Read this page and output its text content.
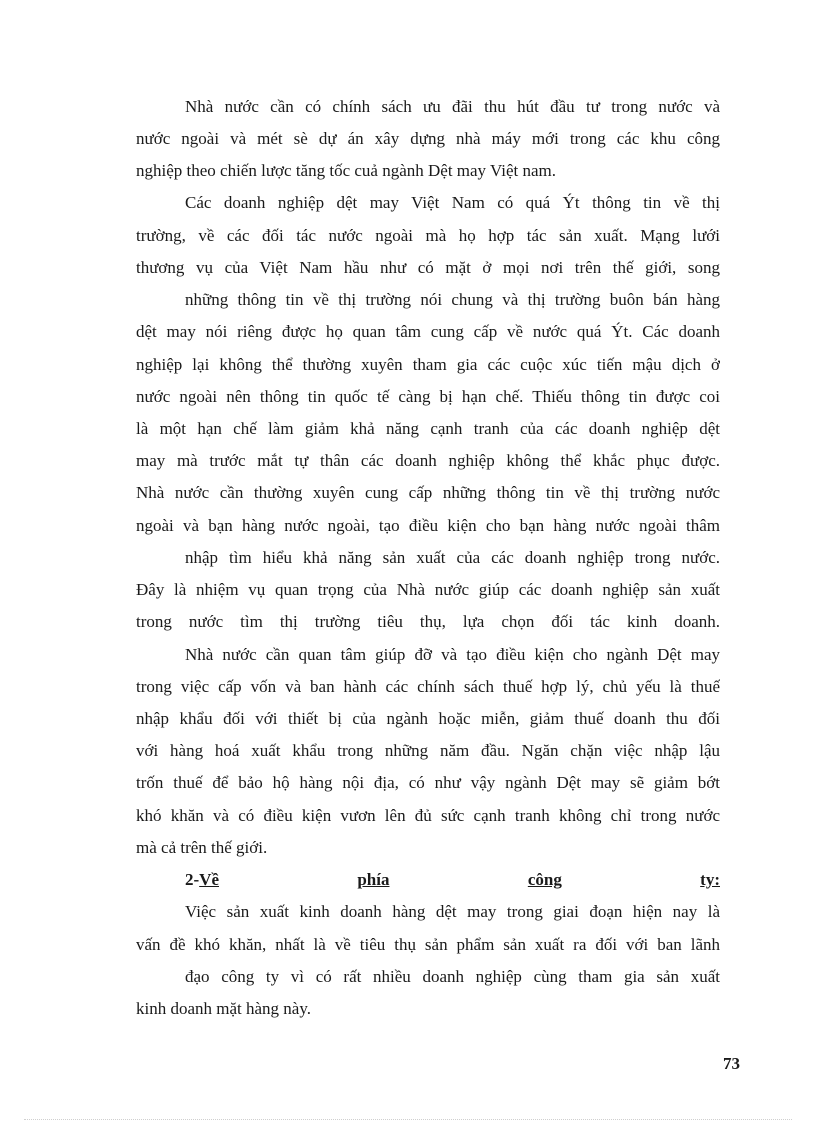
Nhà nước cần có chính sách ưu đãi thu hút đầu tư trong nước và
nước ngoài và mét sè dự án xây dựng nhà máy mới trong các khu công
nghiệp theo chiến lược tăng tốc cuả ngành Dệt may Việt nam.
Các doanh nghiệp dệt may Việt Nam có quá Ýt thông tin về thị
trường, về các đối tác nước ngoài mà họ hợp tác sản xuất. Mạng lưới
thương vụ của Việt Nam hầu như có mặt ở mọi nơi trên thế giới, song
những thông tin về thị trường nói chung và thị trường buôn bán hàng
dệt may nói riêng được họ quan tâm cung cấp về nước quá Ýt. Các doanh
nghiệp lại không thể thường xuyên tham gia các cuộc xúc tiến mậu dịch ở
nước ngoài nên thông tin quốc tế càng bị hạn chế. Thiếu thông tin được coi
là một hạn chế làm giảm khả năng cạnh tranh của các doanh nghiệp dệt
may mà trước mắt tự thân các doanh nghiệp không thể khắc phục được.
Nhà nước cần thường xuyên cung cấp những thông tin về thị trường nước
ngoài và bạn hàng nước ngoài, tạo điều kiện cho bạn hàng nước ngoài thâm
nhập tìm hiểu khả năng sản xuất của các doanh nghiệp trong nước.
Đây là nhiệm vụ quan trọng của Nhà nước giúp các doanh nghiệp sản xuất
trong nước tìm thị trường tiêu thụ, lựa chọn đối tác kinh doanh.
Nhà nước cần quan tâm giúp đỡ và tạo điều kiện cho ngành Dệt may
trong việc cấp vốn và ban hành các chính sách thuế hợp lý, chủ yếu là thuế
nhập khẩu đối với thiết bị của ngành hoặc miễn, giảm thuế doanh thu đối
với hàng hoá xuất khẩu trong những năm đầu. Ngăn chặn việc nhập lậu
trốn thuế để bảo hộ hàng nội địa, có như vậy ngành Dệt may sẽ giảm bớt
khó khăn và có điều kiện vươn lên đủ sức cạnh tranh không chỉ trong nước
mà cả trên thế giới.
2-Về	phía	công	ty:
Việc sản xuất kinh doanh hàng dệt may trong giai đoạn hiện nay là
vấn đề khó khăn, nhất là về tiêu thụ sản phẩm sản xuất ra đối với ban lãnh
đạo công ty vì có rất nhiều doanh nghiệp cùng tham gia sản xuất
kinh doanh mặt hàng này.
73
